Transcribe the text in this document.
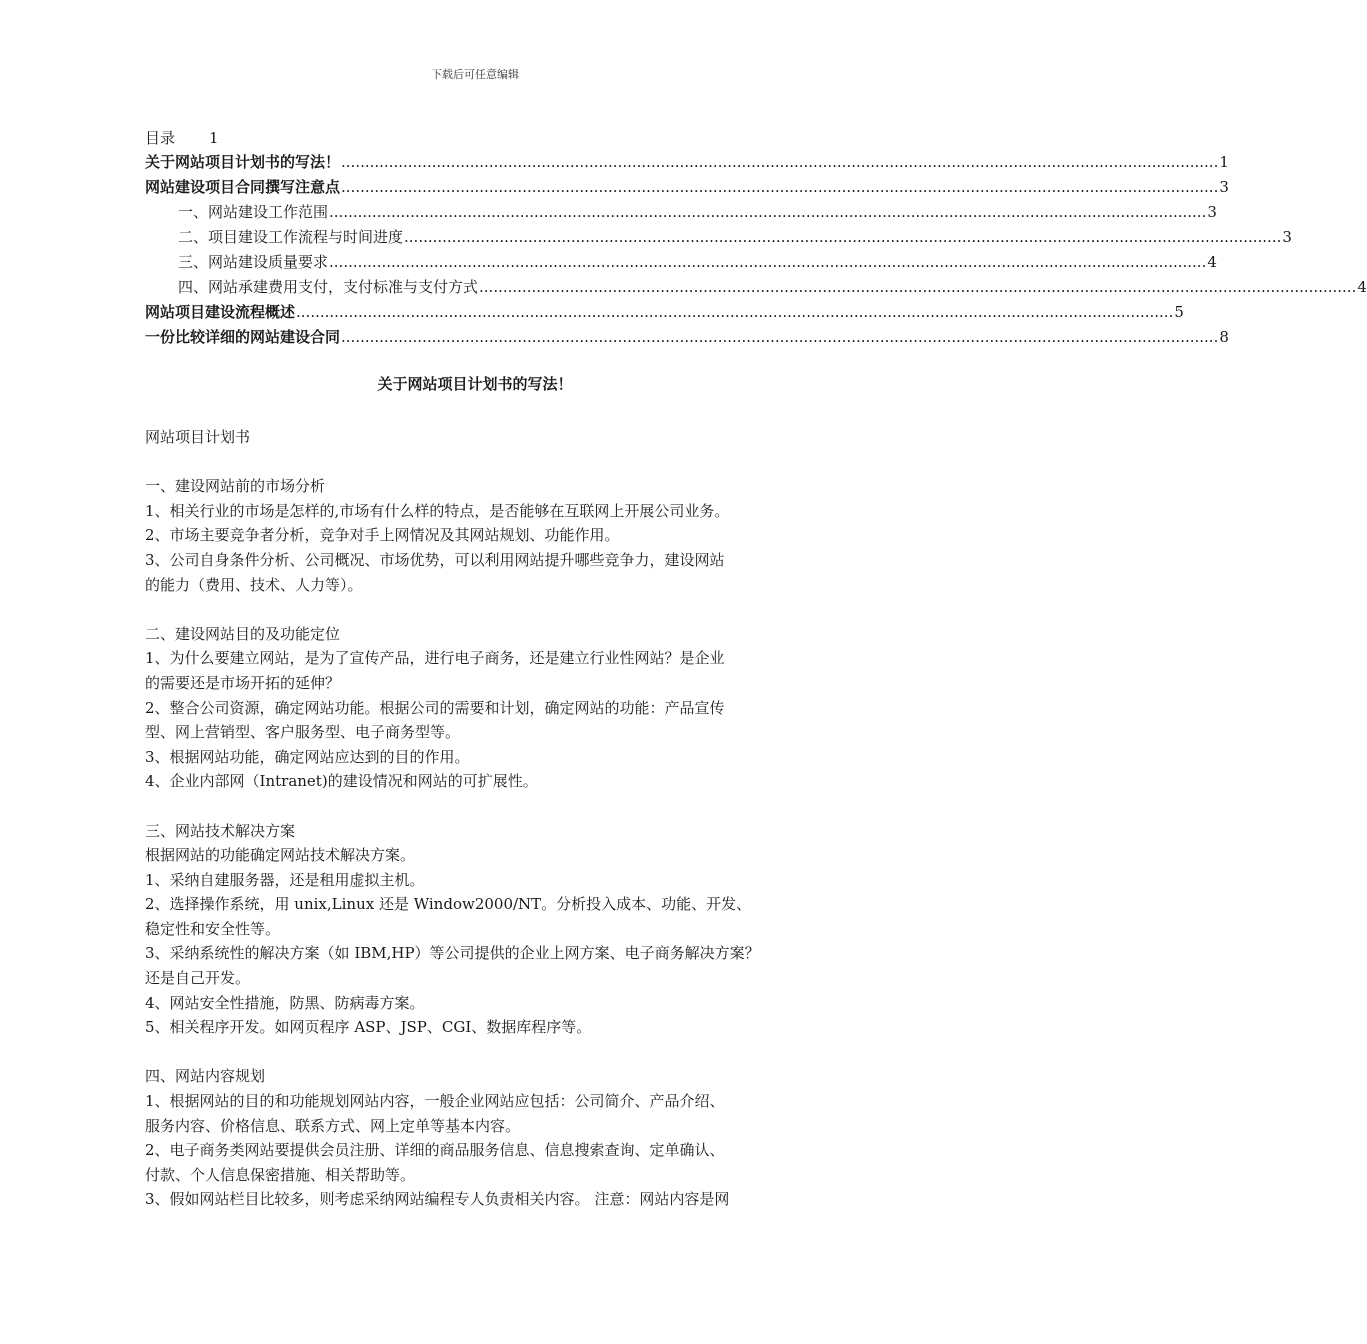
下载后可任意编辑
目录 1
关于网站项目计划书的写法！ ........................................................................................................................................................................................ 1
网站建设项目合同撰写注意点 ........................................................................................................................................................................................ 3
一、网站建设工作范围 ........................................................................................................................................................................................ 3
二、项目建设工作流程与时间进度 ........................................................................................................................................................................................ 3
三、网站建设质量要求 ........................................................................................................................................................................................ 4
四、网站承建费用支付，支付标准与支付方式 ........................................................................................................................................................................................ 4
网站项目建设流程概述 ........................................................................................................................................................................................ 5
一份比较详细的网站建设合同 ........................................................................................................................................................................................ 8
关于网站项目计划书的写法！

网站项目计划书

一、建设网站前的市场分析

1、相关行业的市场是怎样的,市场有什么样的特点，是否能够在互联网上开展公司业务。

2、市场主要竞争者分析，竞争对手上网情况及其网站规划、功能作用。

3、公司自身条件分析、公司概况、市场优势，可以利用网站提升哪些竞争力，建设网站

的能力（费用、技术、人力等）。

二、建设网站目的及功能定位

1、为什么要建立网站，是为了宣传产品，进行电子商务，还是建立行业性网站？是企业

的需要还是市场开拓的延伸？

2、整合公司资源，确定网站功能。根据公司的需要和计划，确定网站的功能：产品宣传

型、网上营销型、客户服务型、电子商务型等。

3、根据网站功能，确定网站应达到的目的作用。

4、企业内部网（Intranet)的建设情况和网站的可扩展性。

三、网站技术解决方案

根据网站的功能确定网站技术解决方案。

1、采纳自建服务器，还是租用虚拟主机。

2、选择操作系统，用 unix,Linux 还是 Window2000/NT。分析投入成本、功能、开发、

稳定性和安全性等。

3、采纳系统性的解决方案（如 IBM,HP）等公司提供的企业上网方案、电子商务解决方案？

还是自己开发。

4、网站安全性措施，防黑、防病毒方案。

5、相关程序开发。如网页程序 ASP、JSP、CGI、数据库程序等。

四、网站内容规划

1、根据网站的目的和功能规划网站内容，一般企业网站应包括：公司简介、产品介绍、

服务内容、价格信息、联系方式、网上定单等基本内容。

2、电子商务类网站要提供会员注册、详细的商品服务信息、信息搜索查询、定单确认、

付款、个人信息保密措施、相关帮助等。

3、假如网站栏目比较多，则考虑采纳网站编程专人负责相关内容。 注意：网站内容是网
